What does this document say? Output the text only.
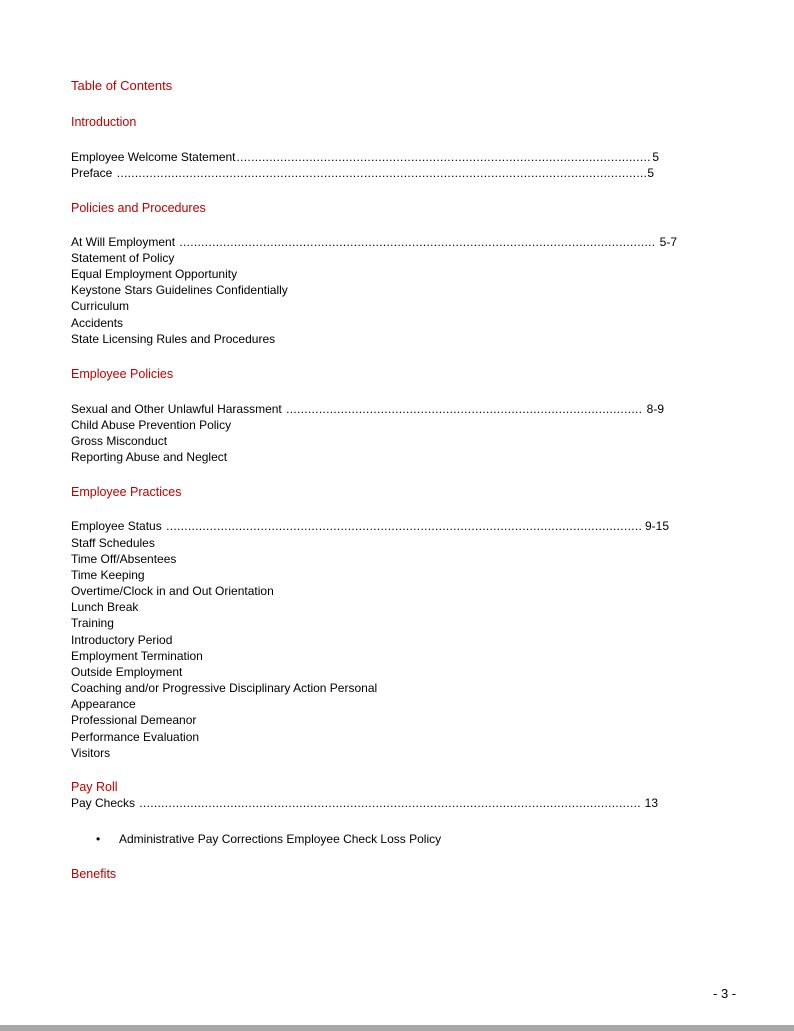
Table of Contents
Introduction
Employee Welcome Statement .....	5
Preface .....	5
Policies and Procedures
At Will Employment .....	5-7
Statement of Policy
Equal Employment Opportunity
Keystone Stars Guidelines Confidentially
Curriculum
Accidents
State Licensing Rules and Procedures
Employee Policies
Sexual and Other Unlawful Harassment .....	8-9
Child Abuse Prevention Policy
Gross Misconduct
Reporting Abuse and Neglect
Employee Practices
Employee Status .....	9-15
Staff Schedules
Time Off/Absentees
Time Keeping
Overtime/Clock in and Out Orientation
Lunch Break
Training
Introductory Period
Employment Termination
Outside Employment
Coaching and/or Progressive Disciplinary Action Personal
Appearance
Professional Demeanor
Performance Evaluation
Visitors
Pay Roll
Pay Checks .....	13
• Administrative Pay Corrections Employee Check Loss Policy
Benefits
- 3 -
